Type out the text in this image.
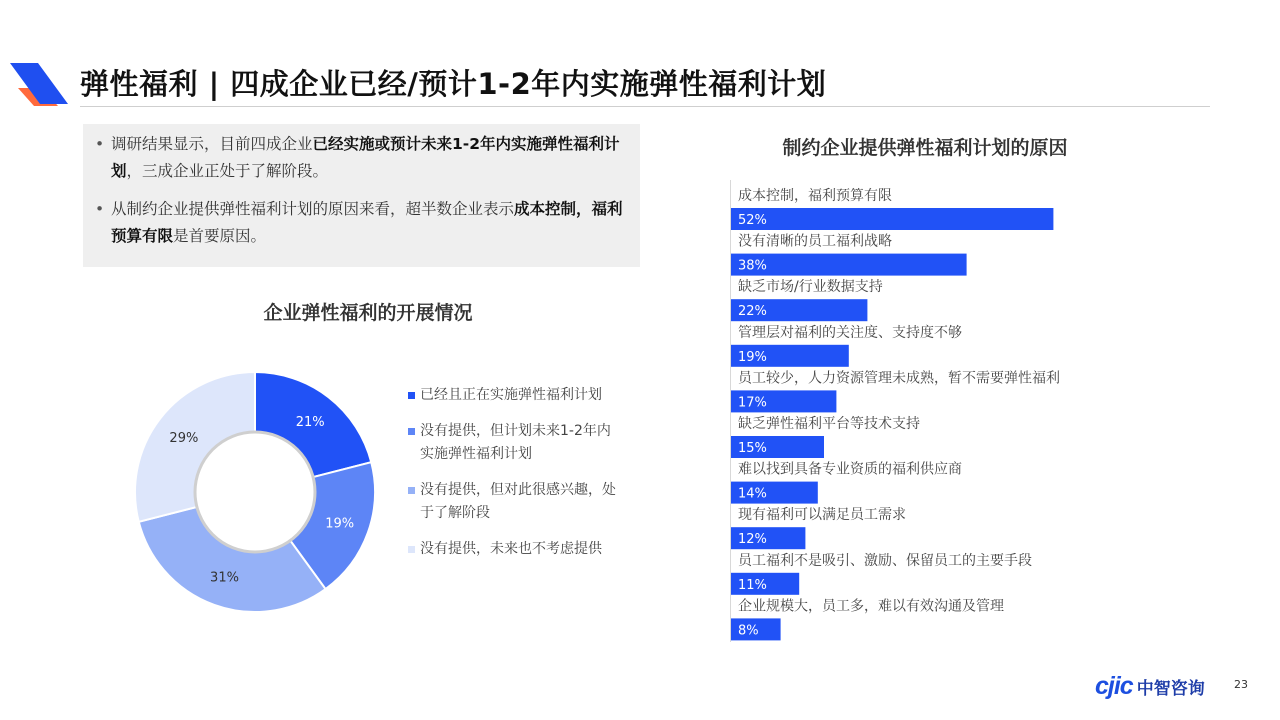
弹性福利 | 四成企业已经/预计1-2年内实施弹性福利计划
• 调研结果显示，目前四成企业已经实施或预计未来1-2年内实施弹性福利计划，三成企业正处于了解阶段。
• 从制约企业提供弹性福利计划的原因来看，超半数企业表示成本控制，福利预算有限是首要原因。
企业弹性福利的开展情况
21%
19%
31%
29%
已经且正在实施弹性福利计划
没有提供，但计划未来1-2年内
实施弹性福利计划
没有提供，但对此很感兴趣，处
于了解阶段
没有提供，未来也不考虑提供
制约企业提供弹性福利计划的原因
成本控制，福利预算有限
52%
没有清晰的员工福利战略
38%
缺乏市场/行业数据支持
22%
管理层对福利的关注度、支持度不够
19%
员工较少，人力资源管理未成熟，暂不需要弹性福利
17%
缺乏弹性福利平台等技术支持
15%
难以找到具备专业资质的福利供应商
14%
现有福利可以满足员工需求
12%
员工福利不是吸引、激励、保留员工的主要手段
11%
企业规模大，员工多，难以有效沟通及管理
8%
cjic 中智咨询	23
